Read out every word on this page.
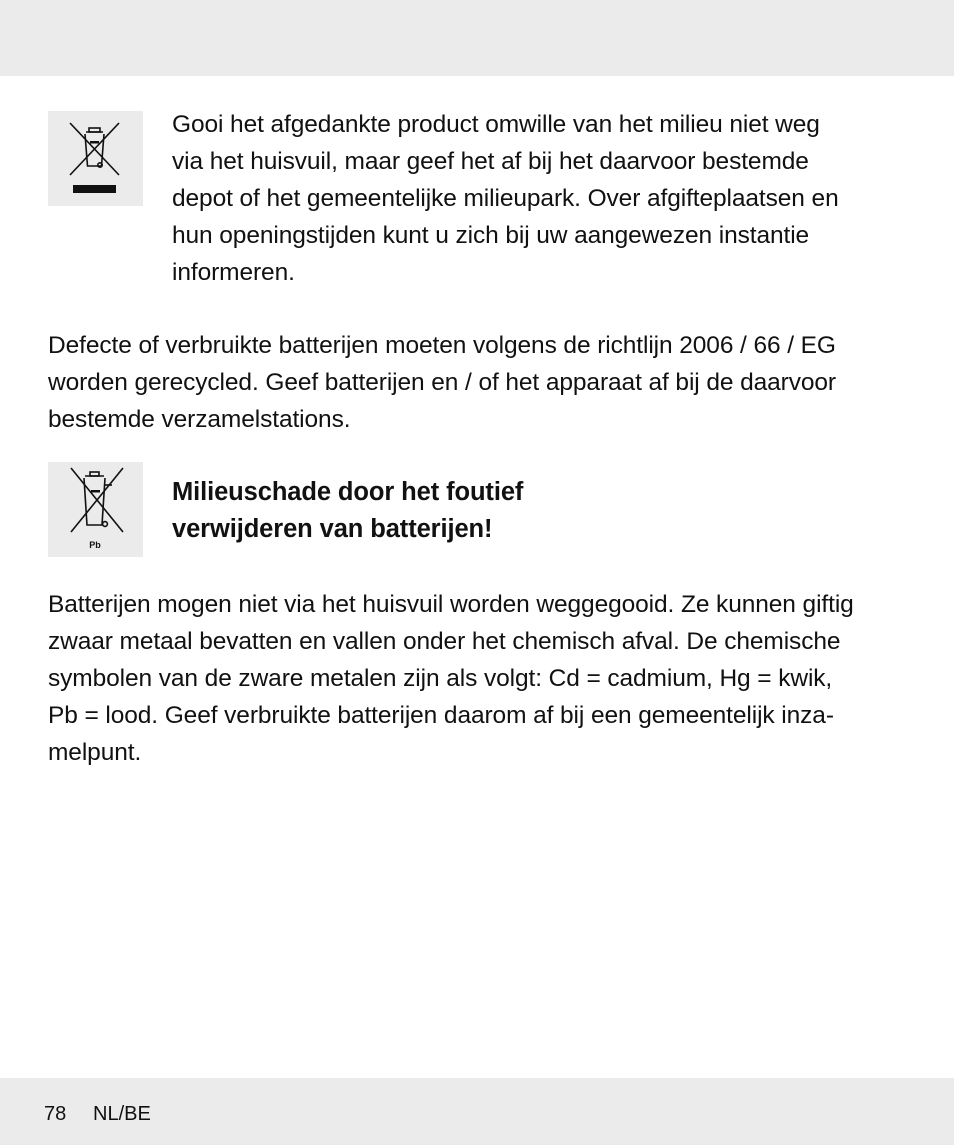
Gooi het afgedankte product omwille van het milieu niet weg
via het huisvuil, maar geef het af bij het daarvoor bestemde
depot of het gemeentelijke milieupark. Over afgifteplaatsen en
hun openingstijden kunt u zich bij uw aangewezen instantie
informeren.
Defecte of verbruikte batterijen moeten volgens de richtlijn 2006 / 66 / EG
worden gerecycled. Geef batterijen en / of het apparaat af bij de daarvoor
bestemde verzamelstations.
Pb
Milieuschade door het foutief
verwijderen van batterijen!
Batterijen mogen niet via het huisvuil worden weggegooid. Ze kunnen giftig
zwaar metaal bevatten en vallen onder het chemisch afval. De chemische
symbolen van de zware metalen zijn als volgt: Cd = cadmium, Hg = kwik,
Pb = lood. Geef verbruikte batterijen daarom af bij een gemeentelijk inza-
melpunt.
78 NL/BE
